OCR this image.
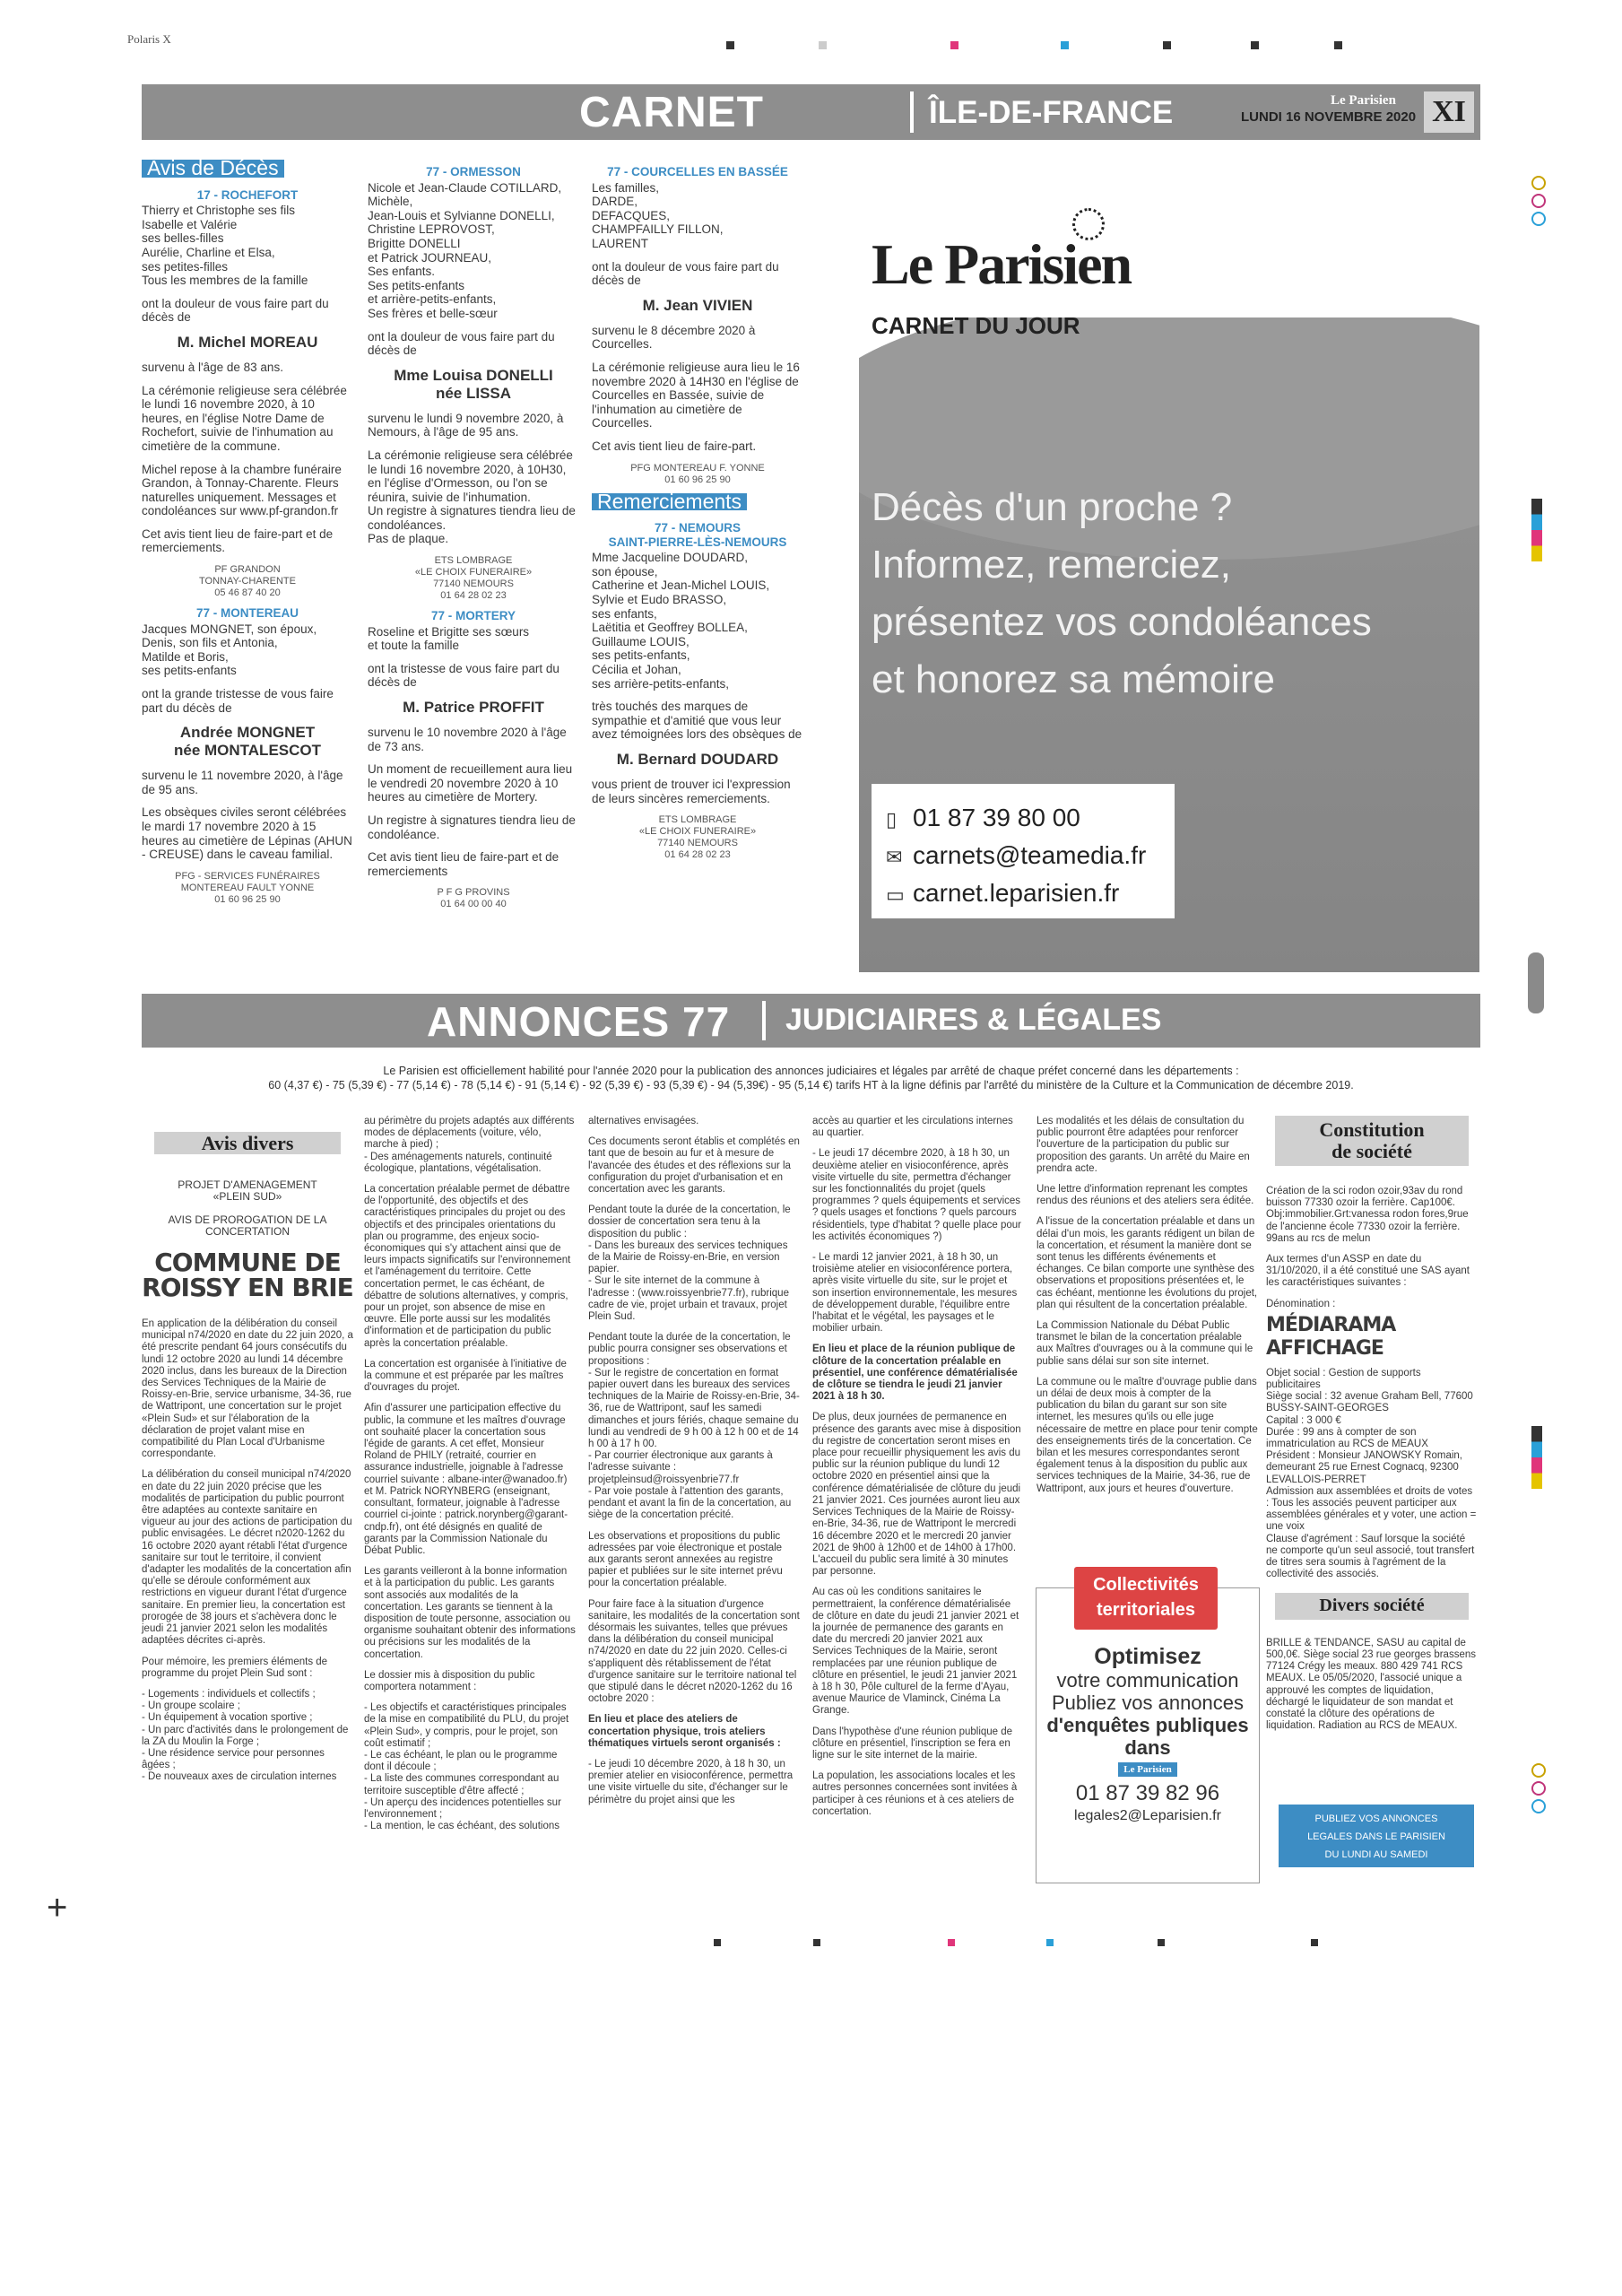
Polaris X
+
CARNET	ÎLE-DE-FRANCE	Le Parisien
LUNDI 16 NOVEMBRE 2020 XI
Avis de Décès
17 - ROCHEFORT

Thierry et Christophe ses fils
Isabelle et Valérie
ses belles-filles
Aurélie, Charline et Elsa,
ses petites-filles
Tous les membres de la famille

ont la douleur de vous faire part du décès de

M. Michel MOREAU

survenu à l'âge de 83 ans.

La cérémonie religieuse sera célébrée le lundi 16 novembre 2020, à 10 heures, en l'église Notre Dame de Rochefort, suivie de l'inhumation au cimetière de la commune.

Michel repose à la chambre funéraire Grandon, à Tonnay-Charente. Fleurs naturelles uniquement. Messages et condoléances sur www.pf-grandon.fr

Cet avis tient lieu de faire-part et de remerciements.

PF GRANDON
TONNAY-CHARENTE
05 46 87 40 20
77 - MONTEREAU

Jacques MONGNET, son époux,
Denis, son fils et Antonia,
Matilde et Boris,
ses petits-enfants

ont la grande tristesse de vous faire part du décès de

Andrée MONGNET
née MONTALESCOT

survenu le 11 novembre 2020, à l'âge de 95 ans.

Les obsèques civiles seront célébrées le mardi 17 novembre 2020 à 15 heures au cimetière de Lépinas (AHUN - CREUSE) dans le caveau familial.

PFG - SERVICES FUNÉRAIRES
MONTEREAU FAULT YONNE
01 60 96 25 90
77 - ORMESSON

Nicole et Jean-Claude COTILLARD,
Michèle,
Jean-Louis et Sylvianne DONELLI,
Christine LEPROVOST,
Brigitte DONELLI
et Patrick JOURNEAU,
Ses enfants.
Ses petits-enfants
et arrière-petits-enfants,
Ses frères et belle-sœur

ont la douleur de vous faire part du décès de

Mme Louisa DONELLI
née LISSA

survenu le lundi 9 novembre 2020, à Nemours, à l'âge de 95 ans.

La cérémonie religieuse sera célébrée le lundi 16 novembre 2020, à 10H30, en l'église d'Ormesson, ou l'on se réunira, suivie de l'inhumation.
Un registre à signatures tiendra lieu de condoléances.
Pas de plaque.

ETS LOMBRAGE
«LE CHOIX FUNERAIRE»
77140 NEMOURS
01 64 28 02 23
77 - MORTERY

Roseline et Brigitte ses sœurs
et toute la famille

ont la tristesse de vous faire part du décès de

M. Patrice PROFFIT

survenu le 10 novembre 2020 à l'âge de 73 ans.

Un moment de recueillement aura lieu le vendredi 20 novembre 2020 à 10 heures au cimetière de Mortery.

Un registre à signatures tiendra lieu de condoléance.

Cet avis tient lieu de faire-part et de remerciements

P F G PROVINS
01 64 00 00 40
77 - COURCELLES EN BASSÉE

Les familles,
DARDE,
DEFACQUES,
CHAMPFAILLY FILLON,
LAURENT

ont la douleur de vous faire part du décès de

M. Jean VIVIEN

survenu le 8 décembre 2020 à Courcelles.

La cérémonie religieuse aura lieu le 16 novembre 2020 à 14H30 en l'église de Courcelles en Bassée, suivie de l'inhumation au cimetière de Courcelles.

Cet avis tient lieu de faire-part.

PFG MONTEREAU F. YONNE
01 60 96 25 90
Remerciements
77 - NEMOURS
SAINT-PIERRE-LÈS-NEMOURS

Mme Jacqueline DOUDARD,
son épouse,
Catherine et Jean-Michel LOUIS,
Sylvie et Eudo BRASSO,
ses enfants,
Laëtitia et Geoffrey BOLLEA,
Guillaume LOUIS,
ses petits-enfants,
Cécilia et Johan,
ses arrière-petits-enfants,

très touchés des marques de sympathie et d'amitié que vous leur avez témoignées lors des obsèques de

M. Bernard DOUDARD

vous prient de trouver ici l'expression de leurs sincères remerciements.

ETS LOMBRAGE
«LE CHOIX FUNERAIRE»
77140 NEMOURS
01 64 28 02 23
Le Parisien
CARNET DU JOUR
Décès d'un proche ?
Informez, remerciez,
présentez vos condoléances
et honorez sa mémoire
▯ 01 87 39 80 00
✉ carnets@teamedia.fr
▭ carnet.leparisien.fr
ANNONCES 77 JUDICIAIRES & LÉGALES
Le Parisien est officiellement habilité pour l'année 2020 pour la publication des annonces judiciaires et légales par arrêté de chaque préfet concerné dans les départements :
60 (4,37 €) - 75 (5,39 €) - 77 (5,14 €) - 78 (5,14 €) - 91 (5,14 €) - 92 (5,39 €) - 93 (5,39 €) - 94 (5,39€) - 95 (5,14 €) tarifs HT à la ligne définis par l'arrêté du ministère de la Culture et la Communication de décembre 2019.
Avis divers
PROJET D'AMENAGEMENT
«PLEIN SUD»
AVIS DE PROROGATION DE LA
CONCERTATION
COMMUNE DE
ROISSY EN BRIE

En application de la délibération du conseil municipal n74/2020 en date du 22 juin 2020, a été prescrite pendant 64 jours consécutifs du lundi 12 octobre 2020 au lundi 14 décembre 2020 inclus, dans les bureaux de la Direction des Services Techniques de la Mairie de Roissy-en-Brie, service urbanisme, 34-36, rue de Wattripont, une concertation sur le projet «Plein Sud» et sur l'élaboration de la déclaration de projet valant mise en compatibilité du Plan Local d'Urbanisme correspondante.

La délibération du conseil municipal n74/2020 en date du 22 juin 2020 précise que les modalités de participation du public pourront être adaptées au contexte sanitaire en vigueur au jour des actions de participation du public envisagées. Le décret n2020-1262 du 16 octobre 2020 ayant rétabli l'état d'urgence sanitaire sur tout le territoire, il convient d'adapter les modalités de la concertation afin qu'elle se déroule conformément aux restrictions en vigueur durant l'état d'urgence sanitaire. En premier lieu, la concertation est prorogée de 38 jours et s'achèvera donc le jeudi 21 janvier 2021 selon les modalités adaptées décrites ci-après.

Pour mémoire, les premiers éléments de programme du projet Plein Sud sont :

- Logements : individuels et collectifs ;
- Un groupe scolaire ;
- Un équipement à vocation sportive ;
- Un parc d'activités dans le prolongement de la ZA du Moulin la Forge ;
- Une résidence service pour personnes âgées ;
- De nouveaux axes de circulation internes

au périmètre du projets adaptés aux différents modes de déplacements (voiture, vélo, marche à pied) ;
- Des aménagements naturels, continuité écologique, plantations, végétalisation.

La concertation préalable permet de débattre de l'opportunité, des objectifs et des caractéristiques principales du projet ou des objectifs et des principales orientations du plan ou programme, des enjeux socio-économiques qui s'y attachent ainsi que de leurs impacts significatifs sur l'environnement et l'aménagement du territoire. Cette concertation permet, le cas échéant, de débattre de solutions alternatives, y compris, pour un projet, son absence de mise en œuvre. Elle porte aussi sur les modalités d'information et de participation du public après la concertation préalable.

La concertation est organisée à l'initiative de la commune et est préparée par les maîtres d'ouvrages du projet.

Afin d'assurer une participation effective du public, la commune et les maîtres d'ouvrage ont souhaité placer la concertation sous l'égide de garants. A cet effet, Monsieur Roland de PHILY (retraité, courrier en assurance industrielle, joignable à l'adresse courriel suivante : albane-inter@wanadoo.fr) et M. Patrick NORYNBERG (enseignant, consultant, formateur, joignable à l'adresse courriel ci-jointe : patrick.norynberg@garant-cndp.fr), ont été désignés en qualité de garants par la Commission Nationale du Débat Public.

Les garants veilleront à la bonne information et à la participation du public. Les garants sont associés aux modalités de la concertation. Les garants se tiennent à la disposition de toute personne, association ou organisme souhaitant obtenir des informations ou précisions sur les modalités de la concertation.

Le dossier mis à disposition du public comportera notamment :

- Les objectifs et caractéristiques principales de la mise en compatibilité du PLU, du projet «Plein Sud», y compris, pour le projet, son coût estimatif ;
- Le cas échéant, le plan ou le programme dont il découle ;
- La liste des communes correspondant au territoire susceptible d'être affecté ;
- Un aperçu des incidences potentielles sur l'environnement ;
- La mention, le cas échéant, des solutions

alternatives envisagées.

Ces documents seront établis et complétés en tant que de besoin au fur et à mesure de l'avancée des études et des réflexions sur la configuration du projet d'urbanisation et en concertation avec les garants.

Pendant toute la durée de la concertation, le dossier de concertation sera tenu à la disposition du public :
- Dans les bureaux des services techniques de la Mairie de Roissy-en-Brie, en version papier.
- Sur le site internet de la commune à l'adresse : (www.roissyenbrie77.fr), rubrique cadre de vie, projet urbain et travaux, projet Plein Sud.

Pendant toute la durée de la concertation, le public pourra consigner ses observations et propositions :
- Sur le registre de concertation en format papier ouvert dans les bureaux des services techniques de la Mairie de Roissy-en-Brie, 34-36, rue de Wattripont, sauf les samedi dimanches et jours fériés, chaque semaine du lundi au vendredi de 9 h 00 à 12 h 00 et de 14 h 00 à 17 h 00.
- Par courrier électronique aux garants à l'adresse suivante : projetpleinsud@roissyenbrie77.fr
- Par voie postale à l'attention des garants, pendant et avant la fin de la concertation, au siège de la concertation précité.

Les observations et propositions du public adressées par voie électronique et postale aux garants seront annexées au registre papier et publiées sur le site internet prévu pour la concertation préalable.

Pour faire face à la situation d'urgence sanitaire, les modalités de la concertation sont désormais les suivantes, telles que prévues dans la délibération du conseil municipal n74/2020 en date du 22 juin 2020. Celles-ci s'appliquent dès rétablissement de l'état d'urgence sanitaire sur le territoire national tel que stipulé dans le décret n2020-1262 du 16 octobre 2020 :

En lieu et place des ateliers de concertation physique, trois ateliers thématiques virtuels seront organisés :

- Le jeudi 10 décembre 2020, à 18 h 30, un premier atelier en visioconférence, permettra une visite virtuelle du site, d'échanger sur le périmètre du projet ainsi que les

accès au quartier et les circulations internes au quartier.

- Le jeudi 17 décembre 2020, à 18 h 30, un deuxième atelier en visioconférence, après visite virtuelle du site, permettra d'échanger sur les fonctionnalités du projet (quels programmes ? quels équipements et services ? quels usages et fonctions ? quels parcours résidentiels, type d'habitat ? quelle place pour les activités économiques ?)

- Le mardi 12 janvier 2021, à 18 h 30, un troisième atelier en visioconférence portera, après visite virtuelle du site, sur le projet et son insertion environnementale, les mesures de développement durable, l'équilibre entre l'habitat et le végétal, les paysages et le mobilier urbain.

En lieu et place de la réunion publique de clôture de la concertation préalable en présentiel, une conférence dématérialisée de clôture se tiendra le jeudi 21 janvier 2021 à 18 h 30.

De plus, deux journées de permanence en présence des garants avec mise à disposition du registre de concertation seront mises en place pour recueillir physiquement les avis du public sur la réunion publique du lundi 12 octobre 2020 en présentiel ainsi que la conférence dématérialisée de clôture du jeudi 21 janvier 2021. Ces journées auront lieu aux Services Techniques de la Mairie de Roissy-en-Brie, 34-36, rue de Wattripont le mercredi 16 décembre 2020 et le mercredi 20 janvier 2021 de 9h00 à 12h00 et de 14h00 à 17h00. L'accueil du public sera limité à 30 minutes par personne.

Au cas où les conditions sanitaires le permettraient, la conférence dématérialisée de clôture en date du jeudi 21 janvier 2021 et la journée de permanence des garants en date du mercredi 20 janvier 2021 aux Services Techniques de la Mairie, seront remplacées par une réunion publique de clôture en présentiel, le jeudi 21 janvier 2021 à 18 h 30, Pôle culturel de la ferme d'Ayau, avenue Maurice de Vlaminck, Cinéma La Grange.

Dans l'hypothèse d'une réunion publique de clôture en présentiel, l'inscription se fera en ligne sur le site internet de la mairie.

La population, les associations locales et les autres personnes concernées sont invitées à participer à ces réunions et à ces ateliers de concertation.

Les modalités et les délais de consultation du public pourront être adaptées pour renforcer l'ouverture de la participation du public sur proposition des garants. Un arrêté du Maire en prendra acte.

Une lettre d'information reprenant les comptes rendus des réunions et des ateliers sera éditée.

A l'issue de la concertation préalable et dans un délai d'un mois, les garants rédigent un bilan de la concertation, et résument la manière dont se sont tenus les différents événements et échanges. Ce bilan comporte une synthèse des observations et propositions présentées et, le cas échéant, mentionne les évolutions du projet, plan qui résultent de la concertation préalable.

La Commission Nationale du Débat Public transmet le bilan de la concertation préalable aux Maîtres d'ouvrages ou à la commune qui le publie sans délai sur son site internet.

La commune ou le maître d'ouvrage publie dans un délai de deux mois à compter de la publication du bilan du garant sur son site internet, les mesures qu'ils ou elle juge nécessaire de mettre en place pour tenir compte des enseignements tirés de la concertation. Ce bilan et les mesures correspondantes seront également tenus à la disposition du public aux services techniques de la Mairie, 34-36, rue de Wattripont, aux jours et heures d'ouverture.

Collectivités
territoriales
Optimisez
votre communication
Publiez vos annonces
d'enquêtes publiques
dans
Le Parisien
01 87 39 82 96
legales2@Leparisien.fr
Constitution
de société

Création de la sci rodon ozoir,93av du rond buisson 77330 ozoir la ferrière. Cap100€. Obj:immobilier.Grt:vanessa rodon fores,9rue de l'ancienne école 77330 ozoir la ferrière. 99ans au rcs de melun

Aux termes d'un ASSP en date du 31/10/2020, il a été constitué une SAS ayant les caractéristiques suivantes :

Dénomination :

MÉDIARAMA AFFICHAGE

Objet social : Gestion de supports publicitaires
Siège social : 32 avenue Graham Bell, 77600 BUSSY-SAINT-GEORGES
Capital : 3 000 €
Durée : 99 ans à compter de son immatriculation au RCS de MEAUX
Président : Monsieur JANOWSKY Romain, demeurant 25 rue Ernest Cognacq, 92300 LEVALLOIS-PERRET
Admission aux assemblées et droits de votes : Tous les associés peuvent participer aux assemblées générales et y voter, une action = une voix
Clause d'agrément : Sauf lorsque la société ne comporte qu'un seul associé, tout transfert de titres sera soumis à l'agrément de la collectivité des associés.

Divers société

BRILLE & TENDANCE, SASU au capital de 500,0€. Siège social 23 rue georges brassens 77124 Crégy les meaux. 880 429 741 RCS MEAUX. Le 05/05/2020, l'associé unique a approuvé les comptes de liquidation, déchargé le liquidateur de son mandat et constaté la clôture des opérations de liquidation. Radiation au RCS de MEAUX.

PUBLIEZ VOS ANNONCES
LEGALES DANS LE PARISIEN
DU LUNDI AU SAMEDI
